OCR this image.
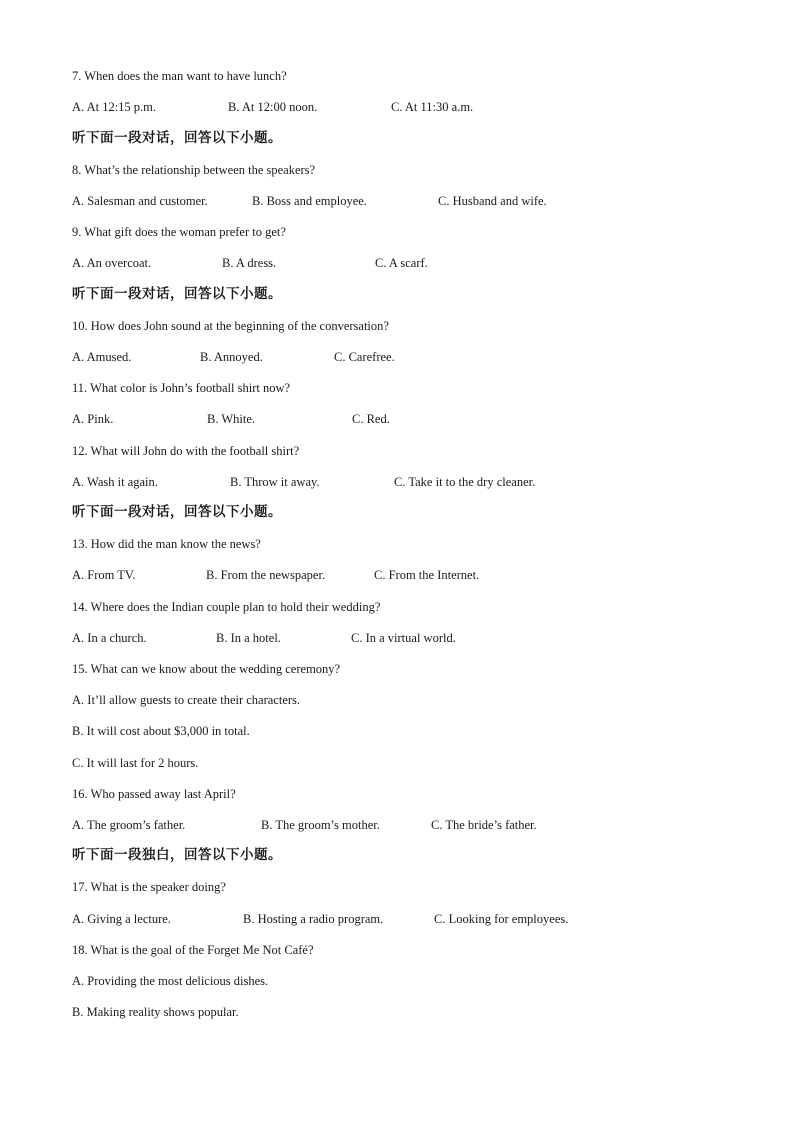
7. When does the man want to have lunch?
A. At 12:15 p.m.	B. At 12:00 noon.	C. At 11:30 a.m.
听下面一段对话，回答以下小题。
8. What’s the relationship between the speakers?
A. Salesman and customer.	B. Boss and employee.	C. Husband and wife.
9. What gift does the woman prefer to get?
A. An overcoat.	B. A dress.	C. A scarf.
听下面一段对话，回答以下小题。
10. How does John sound at the beginning of the conversation?
A. Amused.	B. Annoyed.	C. Carefree.
11. What color is John’s football shirt now?
A. Pink.	B. White.	C. Red.
12. What will John do with the football shirt?
A. Wash it again.	B. Throw it away.	C. Take it to the dry cleaner.
听下面一段对话，回答以下小题。
13. How did the man know the news?
A. From TV.	B. From the newspaper.	C. From the Internet.
14. Where does the Indian couple plan to hold their wedding?
A. In a church.	B. In a hotel.	C. In a virtual world.
15. What can we know about the wedding ceremony?
A. It’ll allow guests to create their characters.
B. It will cost about $3,000 in total.
C. It will last for 2 hours.
16. Who passed away last April?
A. The groom’s father.	B. The groom’s mother.	C. The bride’s father.
听下面一段独白，回答以下小题。
17. What is the speaker doing?
A. Giving a lecture.	B. Hosting a radio program.	C. Looking for employees.
18. What is the goal of the Forget Me Not Café?
A. Providing the most delicious dishes.
B. Making reality shows popular.
